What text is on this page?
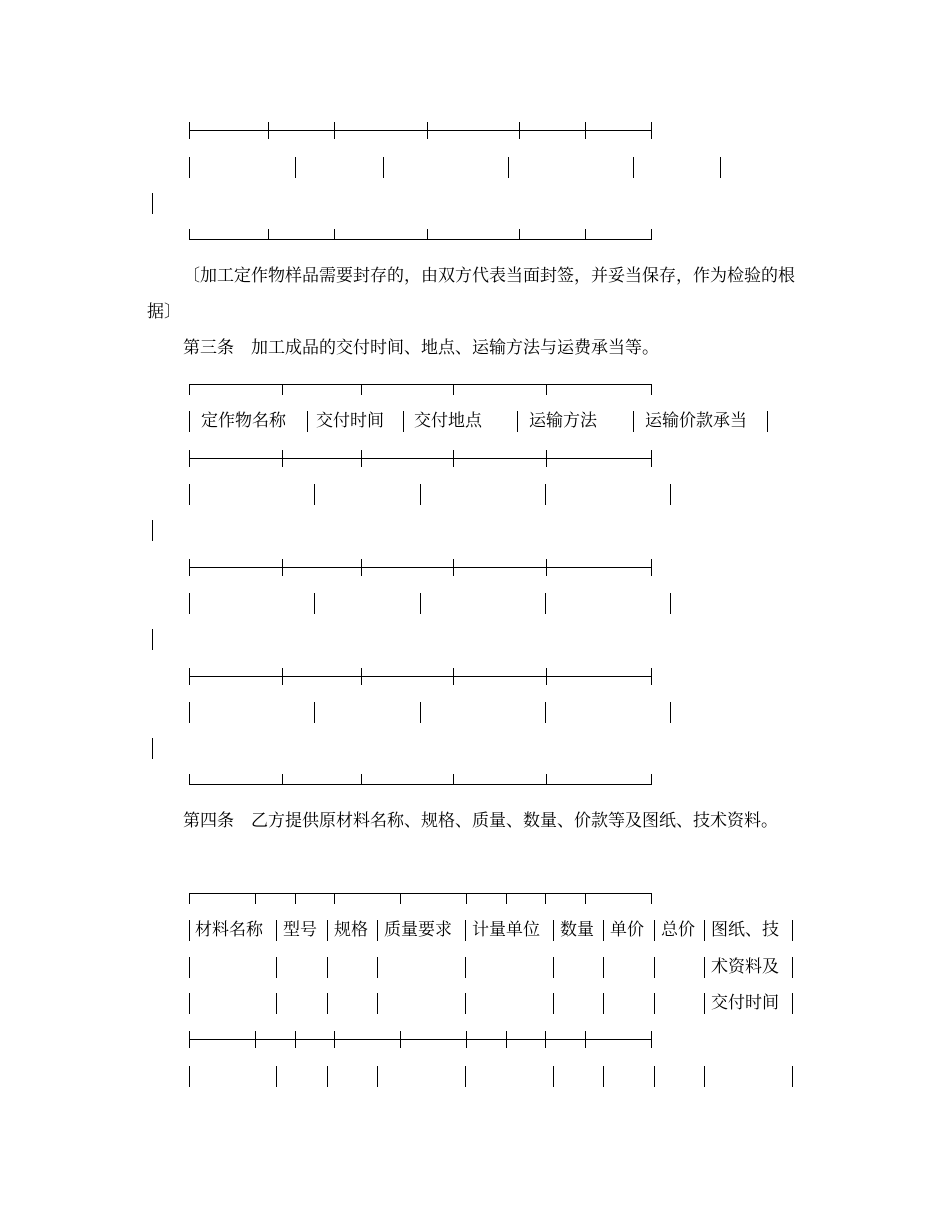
〔加工定作物样品需要封存的，由双方代表当面封签，并妥当保存，作为检验的根据〕
第三条　加工成品的交付时间、地点、运输方法与运费承当等。
定作物名称 交付时间 交付地点	运输方法	运输价款承当
第四条　乙方提供原材料名称、规格、质量、数量、价款等及图纸、技术资料。
材料名称 型号 规格 质量要求 计量单位 数量 单价 总价 图纸、技
术资料及
交付时间
